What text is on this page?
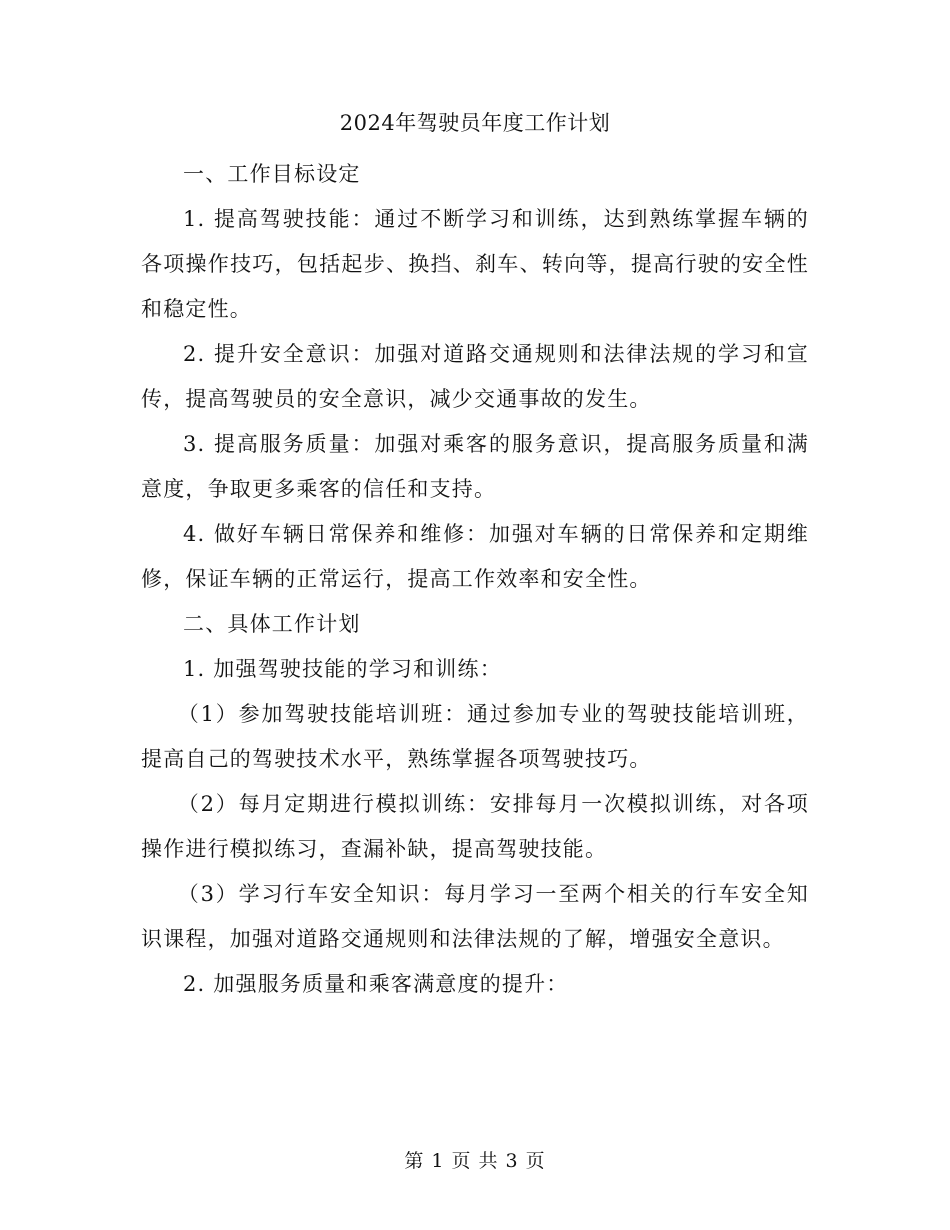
2024年驾驶员年度工作计划

一、工作目标设定

1. 提高驾驶技能：通过不断学习和训练，达到熟练掌握车辆的各项操作技巧，包括起步、换挡、刹车、转向等，提高行驶的安全性和稳定性。

2. 提升安全意识：加强对道路交通规则和法律法规的学习和宣传，提高驾驶员的安全意识，减少交通事故的发生。

3. 提高服务质量：加强对乘客的服务意识，提高服务质量和满意度，争取更多乘客的信任和支持。

4. 做好车辆日常保养和维修：加强对车辆的日常保养和定期维修，保证车辆的正常运行，提高工作效率和安全性。

二、具体工作计划

1. 加强驾驶技能的学习和训练：

（1）参加驾驶技能培训班：通过参加专业的驾驶技能培训班，提高自己的驾驶技术水平，熟练掌握各项驾驶技巧。

（2）每月定期进行模拟训练：安排每月一次模拟训练，对各项操作进行模拟练习，查漏补缺，提高驾驶技能。

（3）学习行车安全知识：每月学习一至两个相关的行车安全知识课程，加强对道路交通规则和法律法规的了解，增强安全意识。

2. 加强服务质量和乘客满意度的提升：

第 1 页 共 3 页
